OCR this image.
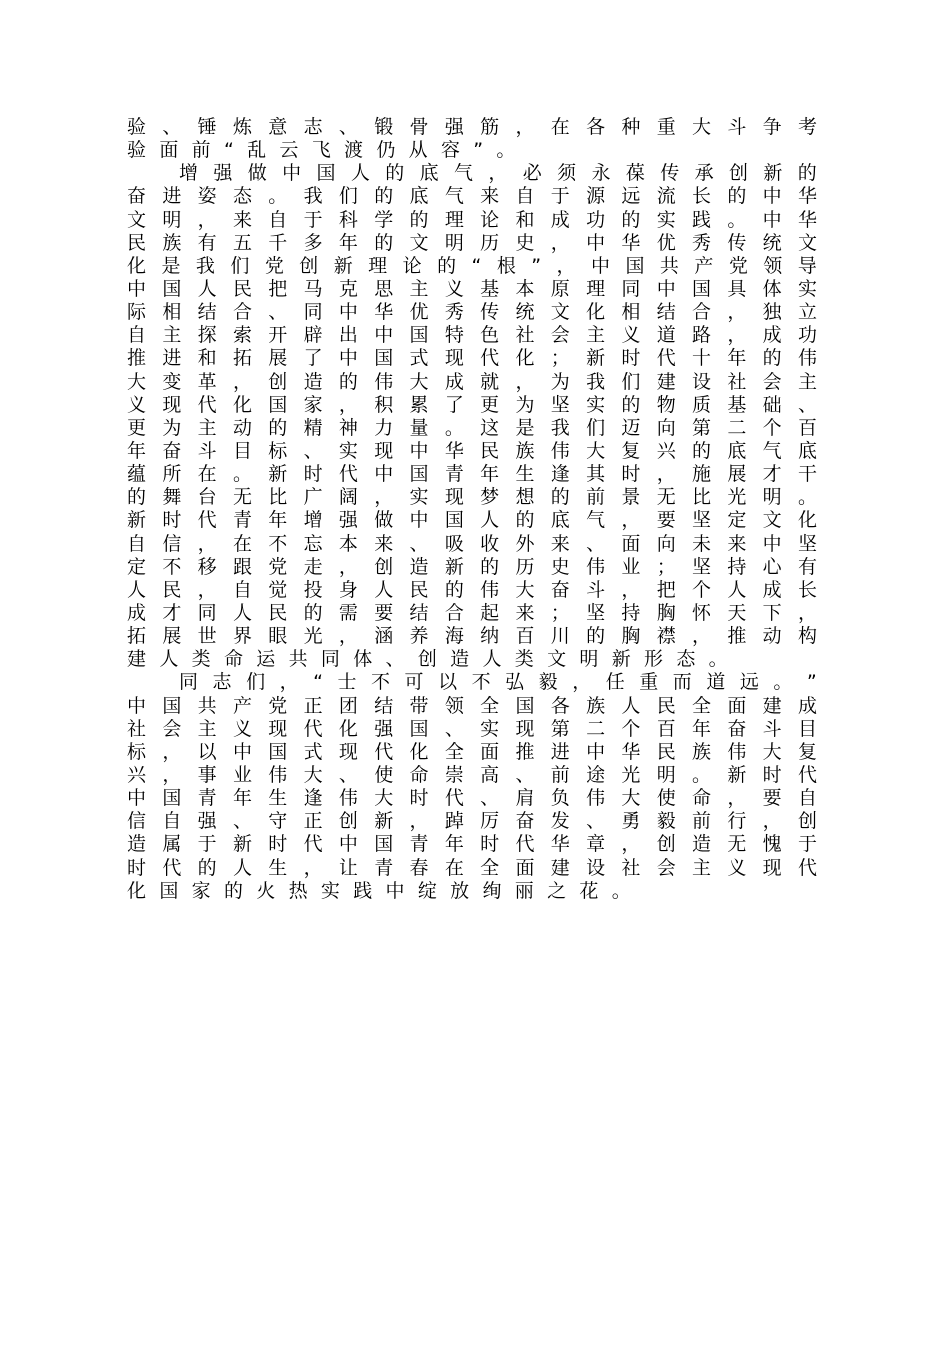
验 、 锤 炼 意 志 、 锻 骨 强 筋 ， 在 各 种 重 大 斗 争 考
验 面 前 “ 乱 云 飞 渡 仍 从 容 ” 。
增 强 做 中 国 人 的 底 气 ， 必 须 永 葆 传 承 创 新 的
奋 进 姿 态 。 我 们 的 底 气 来 自 于 源 远 流 长 的 中 华
文 明 ， 来 自 于 科 学 的 理 论 和 成 功 的 实 践 。 中 华
民 族 有 五 千 多 年 的 文 明 历 史 ， 中 华 优 秀 传 统 文
化 是 我 们 党 创 新 理 论 的 “ 根 ” ， 中 国 共 产 党 领 导
中 国 人 民 把 马 克 思 主 义 基 本 原 理 同 中 国 具 体 实
际 相 结 合 、 同 中 华 优 秀 传 统 文 化 相 结 合 ， 独 立
自 主 探 索 开 辟 出 中 国 特 色 社 会 主 义 道 路 ， 成 功
推 进 和 拓 展 了 中 国 式 现 代 化 ； 新 时 代 十 年 的 伟
大 变 革 ， 创 造 的 伟 大 成 就 ， 为 我 们 建 设 社 会 主
义 现 代 化 国 家 ， 积 累 了 更 为 坚 实 的 物 质 基 础 、
更 为 主 动 的 精 神 力 量 。 这 是 我 们 迈 向 第 二 个 百
年 奋 斗 目 标 、 实 现 中 华 民 族 伟 大 复 兴 的 底 气 底
蕴 所 在 。 新 时 代 中 国 青 年 生 逢 其 时 ， 施 展 才 干
的 舞 台 无 比 广 阔 ， 实 现 梦 想 的 前 景 无 比 光 明 。
新 时 代 青 年 增 强 做 中 国 人 的 底 气 ， 要 坚 定 文 化
自 信 ， 在 不 忘 本 来 、 吸 收 外 来 、 面 向 未 来 中 坚
定 不 移 跟 党 走 ， 创 造 新 的 历 史 伟 业 ； 坚 持 心 有
人 民 ， 自 觉 投 身 人 民 的 伟 大 奋 斗 ， 把 个 人 成 长
成 才 同 人 民 的 需 要 结 合 起 来 ； 坚 持 胸 怀 天 下 ，
拓 展 世 界 眼 光 ， 涵 养 海 纳 百 川 的 胸 襟 ， 推 动 构
建 人 类 命 运 共 同 体 、 创 造 人 类 文 明 新 形 态 。
同 志 们 ， “ 士 不 可 以 不 弘 毅 ， 任 重 而 道 远 。 ”
中 国 共 产 党 正 团 结 带 领 全 国 各 族 人 民 全 面 建 成
社 会 主 义 现 代 化 强 国 、 实 现 第 二 个 百 年 奋 斗 目
标 ， 以 中 国 式 现 代 化 全 面 推 进 中 华 民 族 伟 大 复
兴 ， 事 业 伟 大 、 使 命 崇 高 、 前 途 光 明 。 新 时 代
中 国 青 年 生 逢 伟 大 时 代 、 肩 负 伟 大 使 命 ， 要 自
信 自 强 、 守 正 创 新 ， 踔 厉 奋 发 、 勇 毅 前 行 ， 创
造 属 于 新 时 代 中 国 青 年 时 代 华 章 ， 创 造 无 愧 于
时 代 的 人 生 ， 让 青 春 在 全 面 建 设 社 会 主 义 现 代
化 国 家 的 火 热 实 践 中 绽 放 绚 丽 之 花 。
